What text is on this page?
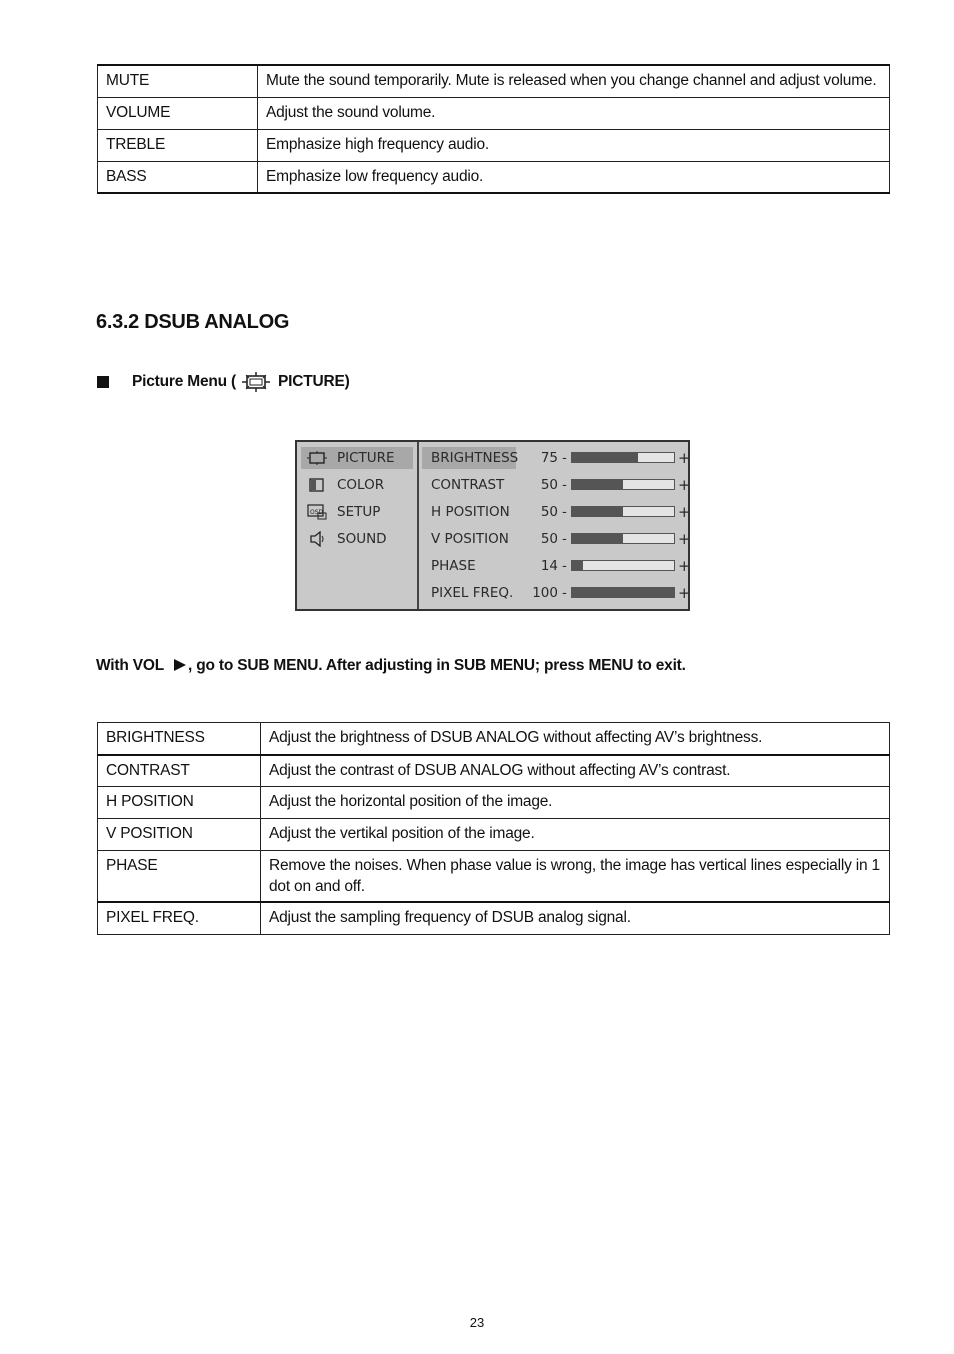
MUTE	Mute the sound temporarily. Mute is released when you change channel and adjust volume.
VOLUME	Adjust the sound volume.
TREBLE	Emphasize high frequency audio.
BASS	Emphasize low frequency audio.
6.3.2 DSUB ANALOG
Picture Menu (	PICTURE)
PICTURE
COLOR
OSD SETUP
SOUND
BRIGHTNESS	75 -	+
CONTRAST	50 -	+
H POSITION	50 -	+
V POSITION	50 -	+
PHASE	14 -	+
PIXEL FREQ.	100 -	+
With VOL , go to SUB MENU. After adjusting in SUB MENU; press MENU to exit.
BRIGHTNESS	Adjust the brightness of DSUB ANALOG without affecting AV’s brightness.
CONTRAST	Adjust the contrast of DSUB ANALOG without affecting AV’s contrast.
H POSITION	Adjust the horizontal position of the image.
V POSITION	Adjust the vertikal position of the image.
PHASE	Remove the noises. When phase value is wrong, the image has vertical lines especially in 1 dot on and off.
PIXEL FREQ.	Adjust the sampling frequency of DSUB analog signal.
23
